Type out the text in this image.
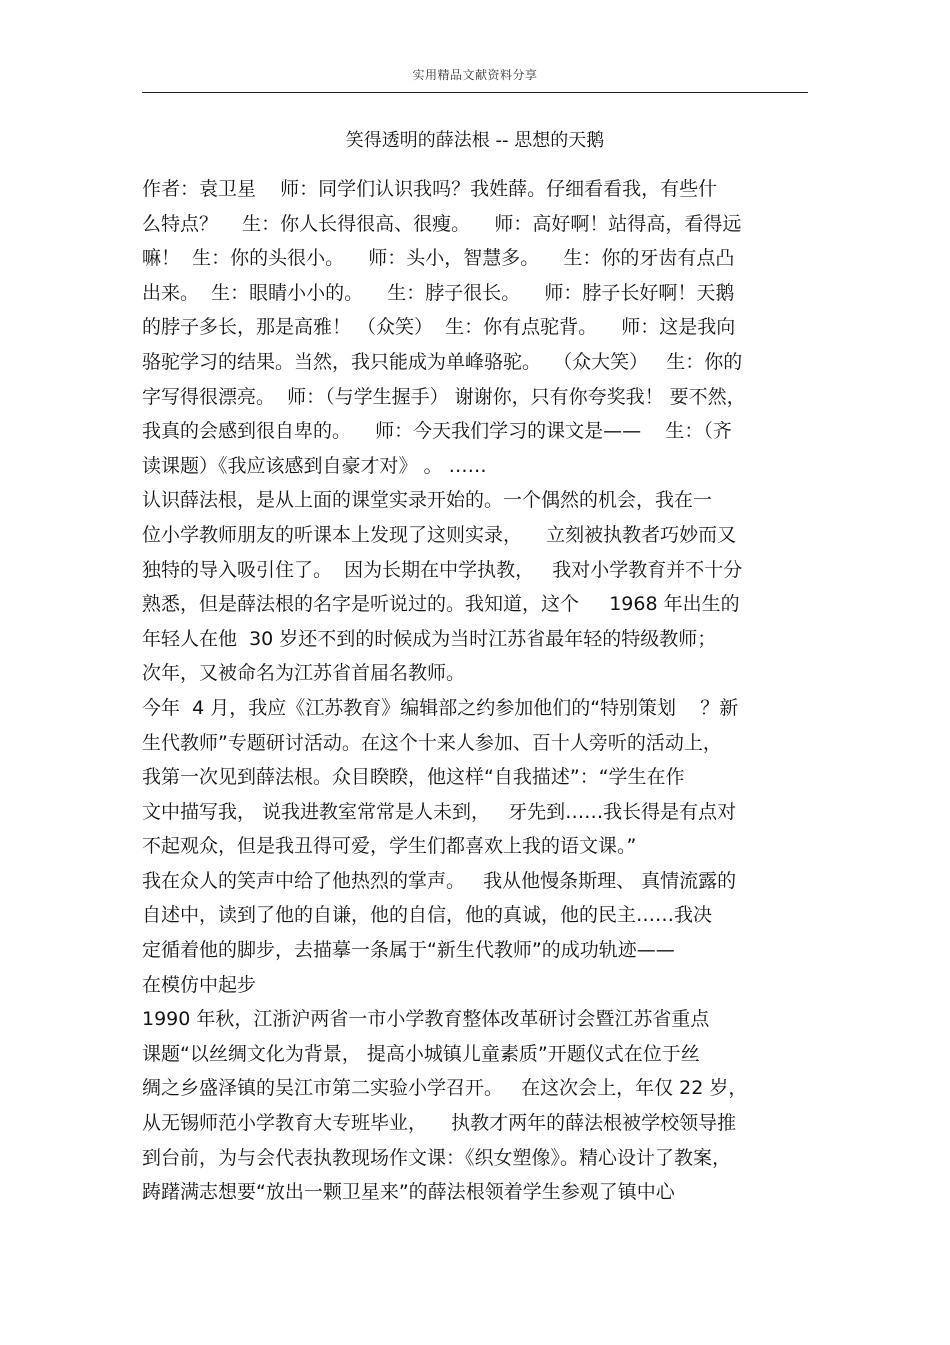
实用精品文献资料分享
笑得透明的薛法根 -- 思想的天鹅
作者：袁卫星    师：同学们认识我吗？我姓薛。仔细看看我，有些什
么特点？    生：你人长得很高、很瘦。    师：高好啊！站得高，看得远
嘛！  生：你的头很小。    师：头小，智慧多。    生：你的牙齿有点凸
出来。  生：眼睛小小的。    生：脖子很长。    师：脖子长好啊！天鹅
的脖子多长，那是高雅！ （众笑）  生：你有点驼背。    师：这是我向
骆驼学习的结果。当然，我只能成为单峰骆驼。  （众大笑）   生：你的
字写得很漂亮。  师：（与学生握手） 谢谢你，只有你夸奖我！ 要不然，
我真的会感到很自卑的。    师：今天我们学习的课文是——    生：（齐
读课题）《我应该感到自豪才对》 。 ……
认识薛法根，是从上面的课堂实录开始的。一个偶然的机会，我在一
位小学教师朋友的听课本上发现了这则实录，    立刻被执教者巧妙而又
独特的导入吸引住了。  因为长期在中学执教，   我对小学教育并不十分
熟悉，但是薛法根的名字是听说过的。我知道，这个     1968 年出生的
年轻人在他  30 岁还不到的时候成为当时江苏省最年轻的特级教师；
次年，又被命名为江苏省首届名教师。
今年  4 月，我应《江苏教育》编辑部之约参加他们的“特别策划    ？新
生代教师”专题研讨活动。在这个十来人参加、百十人旁听的活动上，
我第一次见到薛法根。众目睽睽，他这样“自我描述”：“学生在作
文中描写我， 说我进教室常常是人未到，   牙先到……我长得是有点对
不起观众，但是我丑得可爱，学生们都喜欢上我的语文课。”
我在众人的笑声中给了他热烈的掌声。   我从他慢条斯理、 真情流露的
自述中，读到了他的自谦，他的自信，他的真诚，他的民主……我决
定循着他的脚步，去描摹一条属于“新生代教师”的成功轨迹——
在模仿中起步
1990 年秋，江浙沪两省一市小学教育整体改革研讨会暨江苏省重点
课题“以丝绸文化为背景， 提高小城镇儿童素质”开题仪式在位于丝
绸之乡盛泽镇的吴江市第二实验小学召开。   在这次会上，年仅 22 岁，
从无锡师范小学教育大专班毕业，    执教才两年的薛法根被学校领导推
到台前，为与会代表执教现场作文课：《织女塑像》。精心设计了教案，
踌躇满志想要“放出一颗卫星来”的薛法根领着学生参观了镇中心
